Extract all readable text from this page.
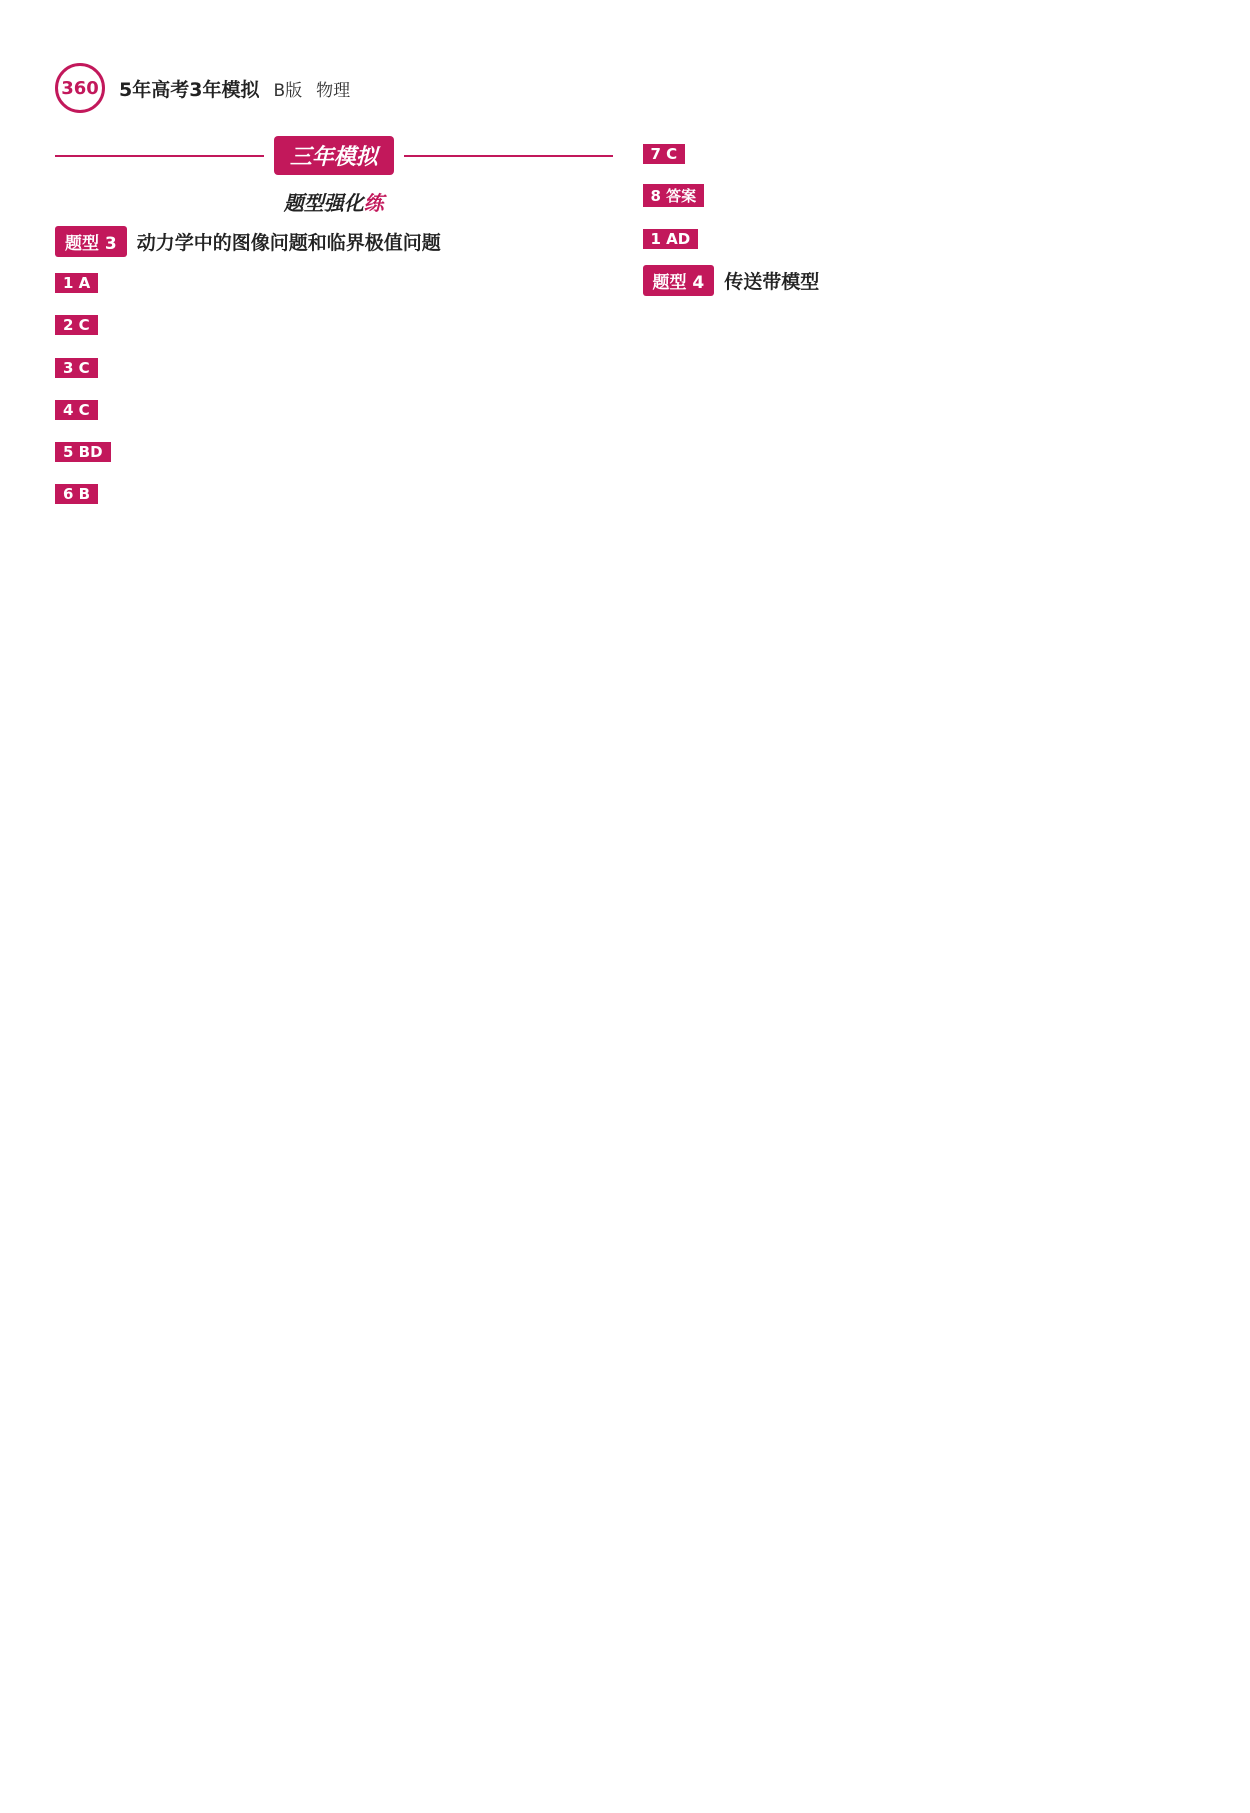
360	5年高考3年模拟 B版 物理
三年模拟
题型强化练
题型 3	动力学中的图像问题和临界极值问题
1 A
2 C
3 C
4 C
5 BD
6 B
7 C
8 答案
1 AD
题型 4	传送带模型
